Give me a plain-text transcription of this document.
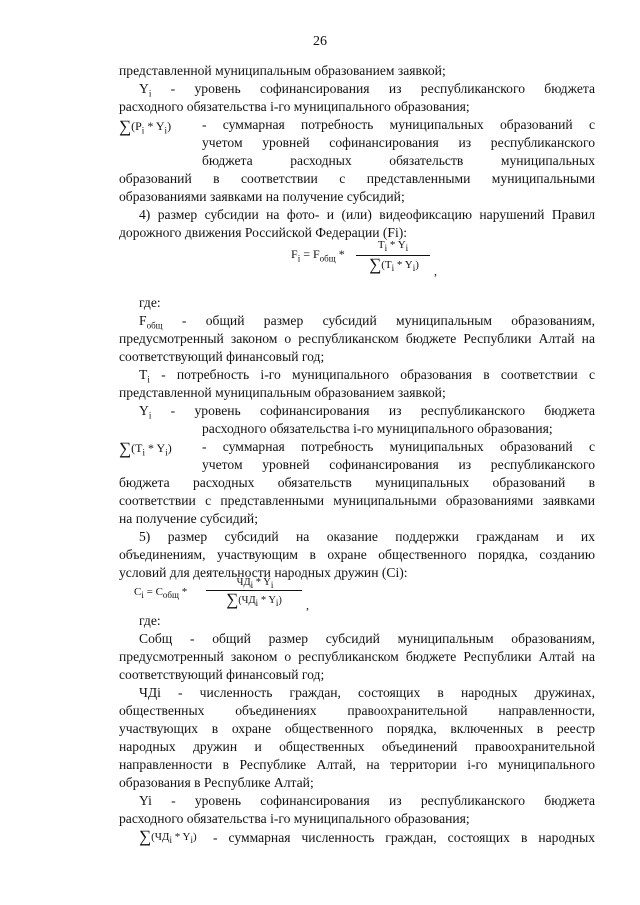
26
представленной муниципальным образованием заявкой;
$Y_i$ - уровень софинансирования из республиканского бюджета
расходного обязательства i-го муниципального образования;
$\sum(P_i * Y_i)$ - суммарная потребность муниципальных образований с
учетом уровней софинансирования из республиканского
бюджета расходных обязательств муниципальных
образований в соответствии с представленными муниципальными
образованиями заявками на получение субсидий;
4) размер субсидии на фото- и (или) видеофиксацию нарушений Правил
дорожного движения Российской Федерации (Fi):
$F_i = F_{общ}$ *
$T_i * Y_i$
$\sum(T_i * Y_i)$	,
где:
$F_{общ}$ - общий размер субсидий муниципальным образованиям,
предусмотренный законом о республиканском бюджете Республики Алтай на
соответствующий финансовый год;
$T_i$ - потребность i-го муниципального образования в соответствии с
представленной муниципальным образованием заявкой;
$Y_i$ - уровень софинансирования из республиканского бюджета
расходного обязательства i-го муниципального образования;
$\sum(T_i * Y_i)$ - суммарная потребность муниципальных образований с
учетом уровней софинансирования из республиканского
бюджета расходных обязательств муниципальных образований в
соответствии с представленными муниципальными образованиями заявками
на получение субсидий;
5) размер субсидий на оказание поддержки гражданам и их
объединениям, участвующим в охране общественного порядка, созданию
условий для деятельности народных дружин (Ci):
$C_i = C_{общ}$ *
$ЧД_i * Y_i$
$\sum(ЧД_i * Y_i)$	,
где:
Cобщ - общий размер субсидий муниципальным образованиям,
предусмотренный законом о республиканском бюджете Республики Алтай на
соответствующий финансовый год;
ЧДi - численность граждан, состоящих в народных дружинах,
общественных объединениях правоохранительной направленности,
участвующих в охране общественного порядка, включенных в реестр
народных дружин и общественных объединений правоохранительной
направленности в Республике Алтай, на территории i-го муниципального
образования в Республике Алтай;
Yi - уровень софинансирования из республиканского бюджета
расходного обязательства i-го муниципального образования;
$\sum(ЧД_i * Y_i)$ - суммарная численность граждан, состоящих в народных
